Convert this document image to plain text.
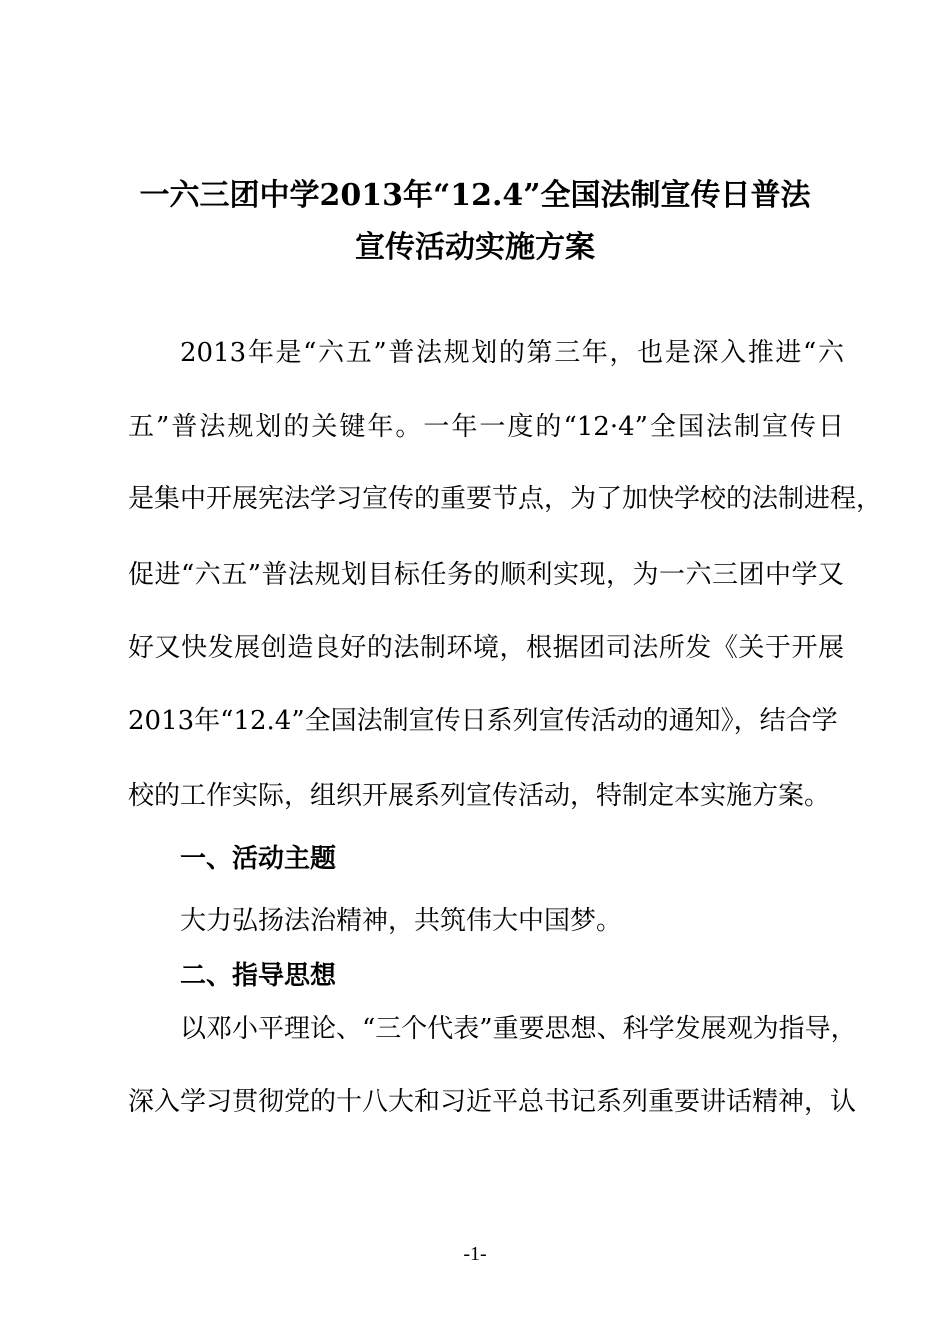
一六三团中学2013年“12.4”全国法制宣传日普法
宣传活动实施方案
2013年是“六五”普法规划的第三年，也是深入推进“六
五”普法规划的关键年。一年一度的“12·4”全国法制宣传日
是集中开展宪法学习宣传的重要节点，为了加快学校的法制进程，
促进“六五”普法规划目标任务的顺利实现，为一六三团中学又
好又快发展创造良好的法制环境，根据团司法所发《关于开展
2013年“12.4”全国法制宣传日系列宣传活动的通知》，结合学
校的工作实际，组织开展系列宣传活动，特制定本实施方案。
一、活动主题
大力弘扬法治精神，共筑伟大中国梦。
二、指导思想
以邓小平理论、“三个代表”重要思想、科学发展观为指导，
深入学习贯彻党的十八大和习近平总书记系列重要讲话精神，认
-1-
